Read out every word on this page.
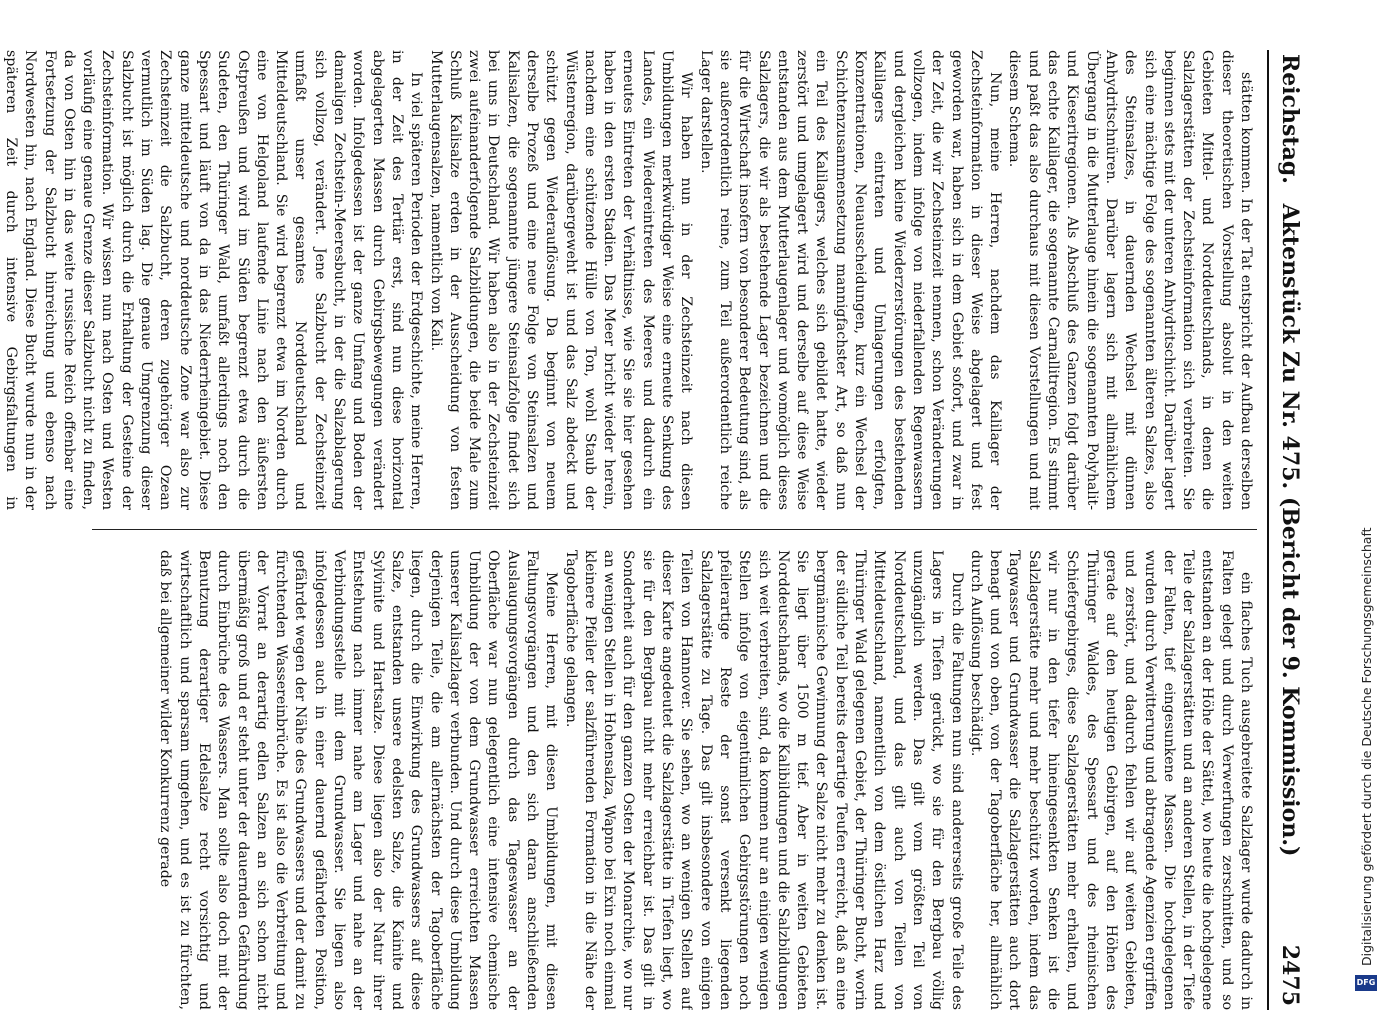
Reichstag.
Aktenstück Zu Nr. 475. (Bericht der 9. Kommission.)
2475

stätten kommen. In der Tat entspricht der Aufbau derselben dieser theoretischen Vorstellung absolut in den weiten Gebieten Mittel- und Norddeutschlands, in denen die Salzlagerstätten der Zechsteinformation sich verbreiten. Sie beginnen stets mit der unteren Anhydritschicht. Darüber lagert sich eine mächtige Folge des sogenannten älteren Salzes, also des Steinsalzes, in dauernden Wechsel mit dünnen Anhydritschnüren. Darüber lagern sich mit allmählichem Übergang in die Mutterlauge hinein die sogenannten Polyhalit- und Kieseritregionen. Als Abschluß des Ganzen folgt darüber das echte Kalilager, die sogenannte Carnallitregion. Es stimmt und paßt das also durchaus mit diesen Vorstellungen und mit diesem Schema.

Nun, meine Herren, nachdem das Kalilager der Zechsteinformation in dieser Weise abgelagert und fest geworden war, haben sich in dem Gebiet sofort, und zwar in der Zeit, die wir Zechsteinzeit nennen, schon Veränderungen vollzogen, indem infolge von niederfallenden Regenwassern und dergleichen kleine Wiederzerstörungen des bestehenden Kalilagers eintraten und Umlagerungen erfolgten, Konzentrationen, Neuausscheidungen, kurz ein Wechsel der Schichtenzusammensetzung mannigfachster Art, so daß nun ein Teil des Kalilagers, welches sich gebildet hatte, wieder zerstört und umgelagert wird und derselbe auf diese Weise entstanden aus dem Mutterlaugenlager und womöglich dieses Salzlagers, die wir als bestehende Lager bezeichnen und die für die Wirtschaft insofern von besonderer Bedeutung sind, als sie außerordentlich reine, zum Teil außerordentlich reiche Lager darstellen.

Wir haben nun in der Zechsteinzeit nach diesen Umbildungen merkwürdiger Weise eine erneute Senkung des Landes, ein Wiedereintreten des Meeres und dadurch ein erneutes Eintreten der Verhältnisse, wie Sie sie hier gesehen haben in den ersten Stadien. Das Meer bricht wieder herein, nachdem eine schützende Hülle von Ton, wohl Staub der Wüstenregion, darübergeweht ist und das Salz abdeckt und schützt gegen Wiederauflösung. Da beginnt von neuem derselbe Prozeß und eine neue Folge von Steinsalzen und Kalisalzen, die sogenannte jüngere Steinsalzfolge findet sich bei uns in Deutschland. Wir haben also in der Zechsteinzeit zwei aufeinanderfolgende Salzbildungen, die beide Male zum Schluß Kalisalze erden in der Ausscheidung von festen Mutterlaugensalzen, namentlich von Kali.

In viel späteren Perioden der Erdgeschichte, meine Herren, in der Zeit des Tertiär erst, sind nun diese horizontal abgelagerten Massen durch Gebirgsbewegungen verändert worden. Infolgedessen ist der ganze Umfang und Boden der damaligen Zechstein-Meeresbucht, in der die Salzablagerung sich vollzog, verändert. Jene Salzbucht der Zechsteinzeit umfaßt unser gesamtes Norddeutschland und Mitteldeutschland. Sie wird begrenzt etwa im Norden durch eine von Helgoland laufende Linie nach den äußersten Ostpreußen und wird im Süden begrenzt etwa durch die Sudeten, den Thüringer Wald, umfaßt allerdings noch den Spessart und läuft von da in das Niederrheingebiet. Diese ganze mitteldeutsche und norddeutsche Zone war also zur Zechsteinzeit die Salzbucht, deren zugehöriger Ozean vermutlich im Süden lag. Die genaue Umgrenzung dieser Salzbucht ist möglich durch die Erhaltung der Gesteine der Zechsteinformation. Wir wissen nun nach Osten und Westen vorläufig eine genaue Grenze dieser Salzbucht nicht zu finden, da von Osten hin in das weite russische Reich offenbar eine Fortsetzung der Salzbucht hinreichung und ebenso nach Nordwesten hin, nach England. Diese Bucht wurde nun in der späteren Zeit durch intensive Gebirgsfaltungen in

ein flaches Tuch ausgebreitete Salzlager wurde dadurch in Falten gelegt und durch Verwerfungen zerschnitten, und so entstanden an der Höhe der Sättel, wo heute die hochgelegene Teile der Salzlagerstätten und an anderen Stellen, in der Tiefe der Falten, tief eingesunkene Massen. Die hochgelegenen wurden durch Verwitterung und abtragende Agenzien ergriffen und zerstört, und dadurch fehlen wir auf weiten Gebieten, gerade auf den heutigen Gebirgen, auf den Höhen des Thüringer Waldes, des Spessart und des rheinischen Schiefergebirges, diese Salzlagerstätten mehr erhalten, und wir nur in den tiefer hineingesenkten Senken ist die Salzlagerstätte mehr und mehr beschützt worden, indem das Tagwasser und Grundwasser die Salzlagerstätten auch dort benagt und von oben, von der Tagoberfläche her, allmählich durch Auflösung beschädigt.

Durch die Faltungen nun sind andererseits große Teile des Lagers in Tiefen gerückt, wo sie für den Bergbau völlig unzugänglich werden. Das gilt vom größten Teil von Norddeutschland, und das gilt auch von Teilen von Mitteldeutschland, namentlich von dem östlichen Harz und Thüringer Wald gelegenen Gebiet, der Thüringer Bucht, worin der südliche Teil bereits derartige Teufen erreicht, daß an eine bergmännische Gewinnung der Salze nicht mehr zu denken ist. Sie liegt über 1500 m tief. Aber in weiten Gebieten Norddeutschlands, wo die Kalibildungen und die Salzbildungen sich weit verbreiten, sind, da kommen nur an einigen wenigen Stellen infolge von eigentümlichen Gebirgsstörungen noch pfeilerartige Reste der sonst versenkt liegenden Salzlagerstätte zu Tage. Das gilt insbesondere von einigen Teilen von Hannover. Sie sehen, wo an wenigen Stellen auf dieser Karte angedeutet die Salzlagerstätte in Tiefen liegt, wo sie für den Bergbau nicht mehr erreichbar ist. Das gilt in Sonderheit auch für den ganzen Osten der Monarchie, wo nur an wenigen Stellen in Hohensalza, Wapno bei Exin noch einmal kleinere Pfeiler der salzführenden Formation in die Nähe der Tagoberfläche gelangen.

Meine Herren, mit diesen Umbildungen, mit diesen Faltungsvorgängen und den sich daran anschließenden Auslaugungsvorgängen durch das Tageswasser an der Oberfläche war nun gelegentlich eine intensive chemische Umbildung der von dem Grundwasser erreichten Massen unserer Kalisalzlager verbunden. Und durch diese Umbildung derjenigen Teile, die am allernächsten der Tagoberfläche liegen, durch die Einwirkung des Grundwassers auf diese Salze, entstanden unsere edelsten Salze, die Kainite und Sylvinite und Hartsalze. Diese liegen also der Natur ihrer Entstehung nach immer nahe am Lager und nahe an der Verbindungsstelle mit dem Grundwasser. Sie liegen also infolgedessen auch in einer dauernd gefährdeten Position, gefährdet wegen der Nähe des Grundwassers und der damit zu fürchtenden Wassereinbrüche. Es ist also die Verbreitung und der Vorrat an derartig edlen Salzen an sich schon nicht übermäßig groß und er steht unter der dauernden Gefährdung durch Einbrüche des Wassers. Man sollte also doch mit der Benutzung derartiger Edelsalze recht vorsichtig und wirtschaftlich und sparsam umgehen, und es ist zu fürchten, daß bei allgemeiner wilder Konkurrenz gerade

DFG
Digitalisierung gefördert durch die Deutsche Forschungsgemeinschaft
